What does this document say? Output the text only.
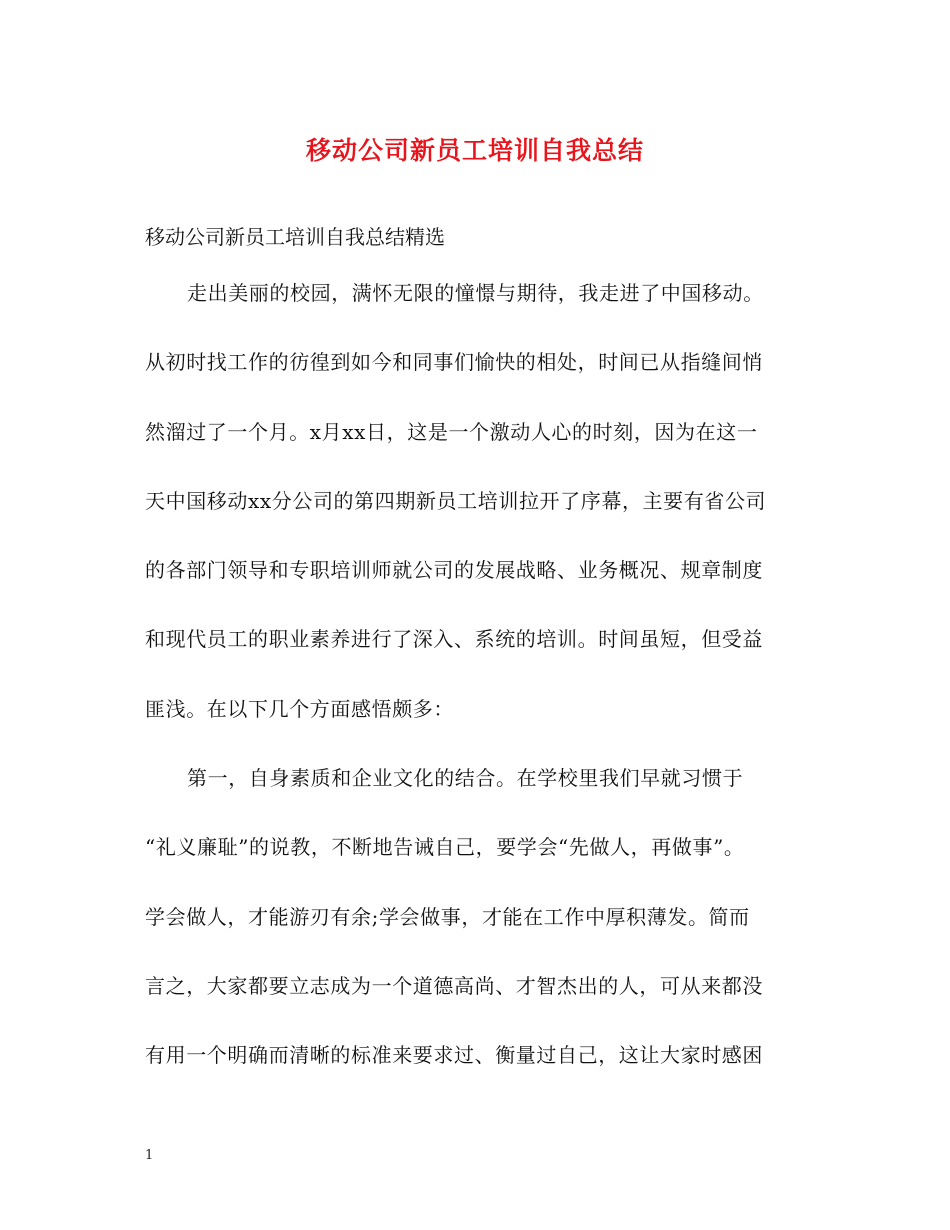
移动公司新员工培训自我总结
移动公司新员工培训自我总结精选
走出美丽的校园，满怀无限的憧憬与期待，我走进了中国移动。
从初时找工作的彷徨到如今和同事们愉快的相处，时间已从指缝间悄
然溜过了一个月。x月xx日，这是一个激动人心的时刻，因为在这一
天中国移动xx分公司的第四期新员工培训拉开了序幕，主要有省公司
的各部门领导和专职培训师就公司的发展战略、业务概况、规章制度
和现代员工的职业素养进行了深入、系统的培训。时间虽短，但受益
匪浅。在以下几个方面感悟颇多：
第一，自身素质和企业文化的结合。在学校里我们早就习惯于
“礼义廉耻”的说教，不断地告诫自己，要学会“先做人，再做事”。
学会做人，才能游刃有余;学会做事，才能在工作中厚积薄发。简而
言之，大家都要立志成为一个道德高尚、才智杰出的人，可从来都没
有用一个明确而清晰的标准来要求过、衡量过自己，这让大家时感困
1
